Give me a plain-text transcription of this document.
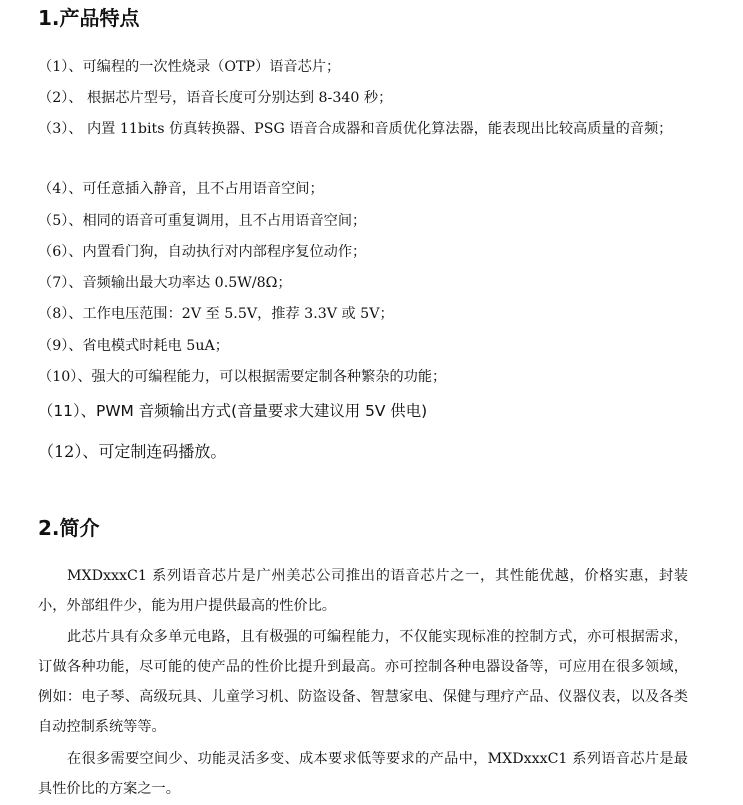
1.产品特点
（1）、可编程的一次性烧录（OTP）语音芯片；
（2）、 根据芯片型号，语音长度可分别达到 8-340 秒；
（3）、 内置 11bits 仿真转换器、PSG 语音合成器和音质优化算法器，能表现出比较高质量的音频；
（4）、可任意插入静音，且不占用语音空间；
（5）、相同的语音可重复调用，且不占用语音空间；
（6）、内置看门狗，自动执行对内部程序复位动作；
（7）、音频输出最大功率达 0.5W/8Ω；
（8）、工作电压范围：2V 至 5.5V，推荐 3.3V 或 5V；
（9）、省电模式时耗电 5uA；
（10）、强大的可编程能力，可以根据需要定制各种繁杂的功能；
（11）、PWM 音频输出方式(音量要求大建议用 5V 供电)
（12）、可定制连码播放。
2.简介
MXDxxxC1 系列语音芯片是广州美芯公司推出的语音芯片之一，其性能优越，价格实惠，封装小，外部组件少，能为用户提供最高的性价比。
此芯片具有众多单元电路，且有极强的可编程能力，不仅能实现标准的控制方式，亦可根据需求，订做各种功能，尽可能的使产品的性价比提升到最高。亦可控制各种电器设备等，可应用在很多领域，例如：电子琴、高级玩具、儿童学习机、防盗设备、智慧家电、保健与理疗产品、仪器仪表，以及各类自动控制系统等等。
在很多需要空间少、功能灵活多变、成本要求低等要求的产品中，MXDxxxC1 系列语音芯片是最具性价比的方案之一。
